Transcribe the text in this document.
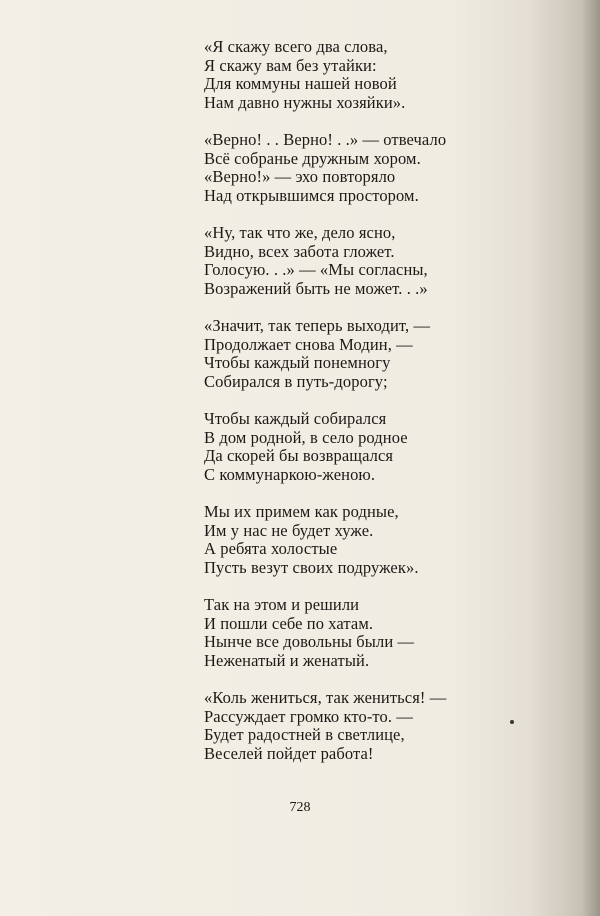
«Я скажу всего два слова,
Я скажу вам без утайки:
Для коммуны нашей новой
Нам давно нужны хозяйки».
«Верно! . . Верно! . .» — отвечало
Всё собранье дружным хором.
«Верно!» — эхо повторяло
Над открывшимся простором.
«Ну, так что же, дело ясно,
Видно, всех забота гложет.
Голосую. . .» — «Мы согласны,
Возражений быть не может. . .»
«Значит, так теперь выходит, —
Продолжает снова Модин, —
Чтобы каждый понемногу
Собирался в путь-дорогу;
Чтобы каждый собирался
В дом родной, в село родное
Да скорей бы возвращался
С коммунаркою-женою.
Мы их примем как родные,
Им у нас не будет хуже.
А ребята холостые
Пусть везут своих подружек».
Так на этом и решили
И пошли себе по хатам.
Нынче все довольны были —
Неженатый и женатый.
«Коль жениться, так жениться! —
Рассуждает громко кто-то. —
Будет радостней в светлице,
Веселей пойдет работа!
728
